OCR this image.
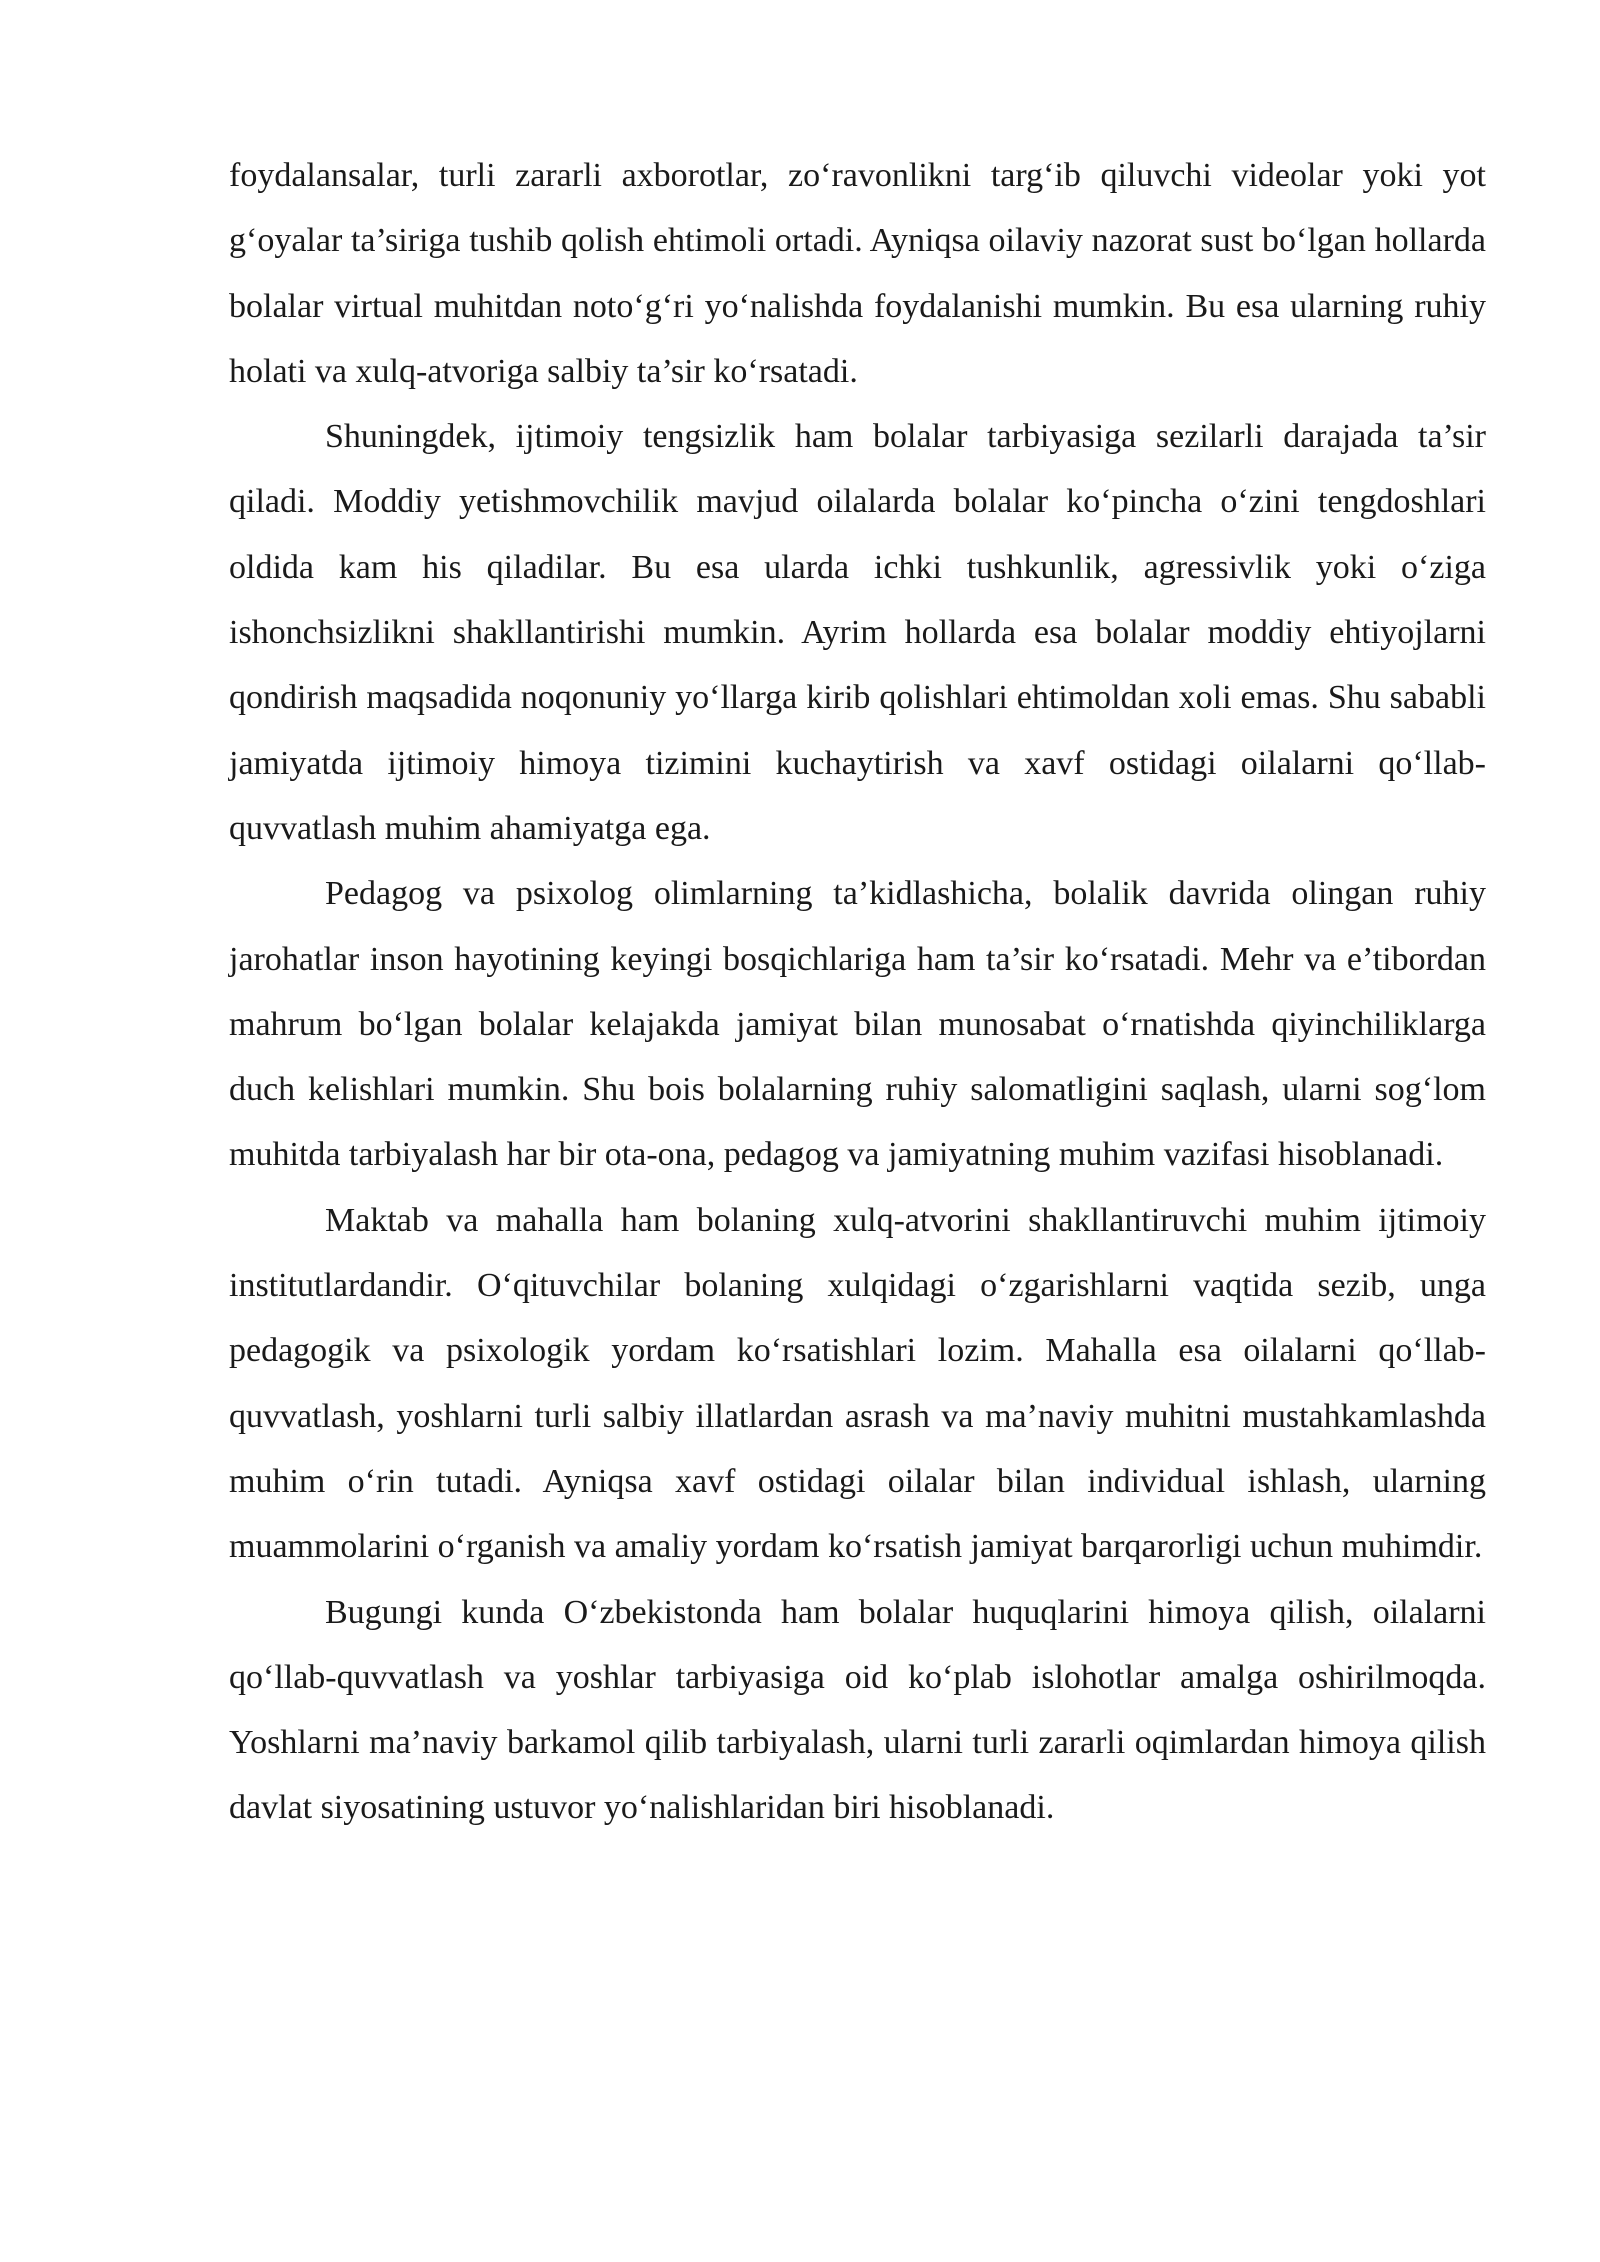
foydalansalar, turli zararli axborotlar, zo‘ravonlikni targ‘ib qiluvchi videolar yoki yot g‘oyalar ta’siriga tushib qolish ehtimoli ortadi. Ayniqsa oilaviy nazorat sust bo‘lgan hollarda bolalar virtual muhitdan noto‘g‘ri yo‘nalishda foydalanishi mumkin. Bu esa ularning ruhiy holati va xulq-atvoriga salbiy ta’sir ko‘rsatadi.

Shuningdek, ijtimoiy tengsizlik ham bolalar tarbiyasiga sezilarli darajada ta’sir qiladi. Moddiy yetishmovchilik mavjud oilalarda bolalar ko‘pincha o‘zini tengdoshlari oldida kam his qiladilar. Bu esa ularda ichki tushkunlik, agressivlik yoki o‘ziga ishonchsizlikni shakllantirishi mumkin. Ayrim hollarda esa bolalar moddiy ehtiyojlarni qondirish maqsadida noqonuniy yo‘llarga kirib qolishlari ehtimoldan xoli emas. Shu sababli jamiyatda ijtimoiy himoya tizimini kuchaytirish va xavf ostidagi oilalarni qo‘llab-quvvatlash muhim ahamiyatga ega.

Pedagog va psixolog olimlarning ta’kidlashicha, bolalik davrida olingan ruhiy jarohatlar inson hayotining keyingi bosqichlariga ham ta’sir ko‘rsatadi. Mehr va e’tibordan mahrum bo‘lgan bolalar kelajakda jamiyat bilan munosabat o‘rnatishda qiyinchiliklarga duch kelishlari mumkin. Shu bois bolalarning ruhiy salomatligini saqlash, ularni sog‘lom muhitda tarbiyalash har bir ota-ona, pedagog va jamiyatning muhim vazifasi hisoblanadi.

Maktab va mahalla ham bolaning xulq-atvorini shakllantiruvchi muhim ijtimoiy institutlardandir. O‘qituvchilar bolaning xulqidagi o‘zgarishlarni vaqtida sezib, unga pedagogik va psixologik yordam ko‘rsatishlari lozim. Mahalla esa oilalarni qo‘llab-quvvatlash, yoshlarni turli salbiy illatlardan asrash va ma’naviy muhitni mustahkamlashda muhim o‘rin tutadi. Ayniqsa xavf ostidagi oilalar bilan individual ishlash, ularning muammolarini o‘rganish va amaliy yordam ko‘rsatish jamiyat barqarorligi uchun muhimdir.

Bugungi kunda O‘zbekistonda ham bolalar huquqlarini himoya qilish, oilalarni qo‘llab-quvvatlash va yoshlar tarbiyasiga oid ko‘plab islohotlar amalga oshirilmoqda. Yoshlarni ma’naviy barkamol qilib tarbiyalash, ularni turli zararli oqimlardan himoya qilish davlat siyosatining ustuvor yo‘nalishlaridan biri hisoblanadi.
